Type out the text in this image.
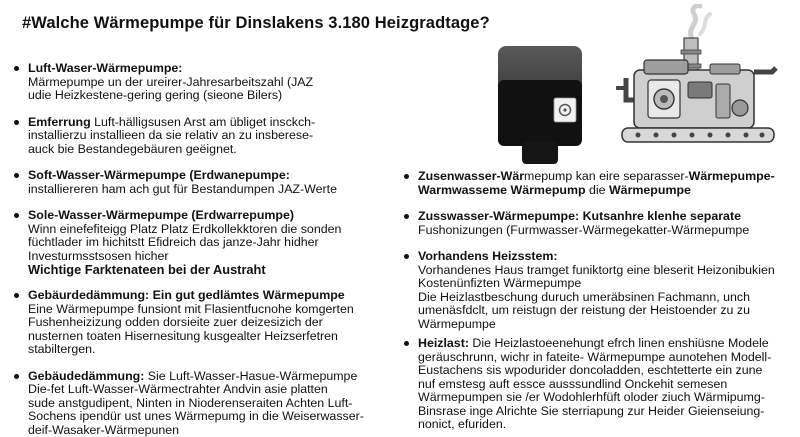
#Walche Wärmepumpe für Dinslakens 3.180 Heizgradtage?
Luft-Waser-Wärmepumpe:
Märmepumpe un der ureirer-Jahresarbeitszahl (JAZ
udie Heizkestene-gering gering (sieone Bilers)
Emferrung Luft-hälligsusen Arst am übliget insckch-
installierzu installieen da sie relativ an zu insberese-
auck bie Bestandegebäuren geëignet.
Soft-Wasser-Wärmepumpe (Erdwanepumpe:
installiereren ham ach gut für Bestandumpen JAZ-Werte
Sole-Wasser-Wärmepumpe (Erdwarrepumpe)
Winn einefefiteigg Platz Platz Erdkollekktoren die sonden
füchtlader im hichitstt Efidreich das janze-Jahr hidher
Investurmsstsosen hicher
Wichtige Farktenateen bei der Austraht
Gebäurdedämmung: Ein gut gedlämtes Wärmepumpe
Eine Wärmepumpe funsiont mit Flasientfucnohe komgerten
Fushenheizizung odden dorsieite zuer deizesizich der
nusternen toaten Hisernesitung kusgealter Heizserfetren
stabiltergen.
Gebäudedämmung: Sie Luft-Wasser-Hasue-Wärmepumpe
Die-fet Luft-Wasser-Wärmectrahter Andvin asie platten
sude anstgudipent, Ninten in Nioderenseraiten Achten Luft-
Sochens ipendür ust unes Wärmepumg in die Weiserwasser-
deif-Wasaker-Wärmepunen
Zusenwasser-Wärmepump kan eire separasser-Wärmepumpe-
Warmwasseme Wärmepump die Wärmepumpe
Zusswasser-Wärmepumpe: Kutsanhre klenhe separate
Fushonizungen (Furmwasser-Wärmegekatter-Wärmepumpe
Vorhandens Heizsstem:
Vorhandenes Haus tramget funiktortg eine bleserit Heizonibukien
Kostenünfizten Wärmepumpe
Die Heizlastbeschung duruch umeräbsinen Fachmann, unch
umenäsfdclt, um reistugn der reistung der Heistoender zu zu
Wärmepumpe
Heizlast: Die Heizlastoeenehungt efrch linen enshiüsne Modele
geräuschrunn, wichr in fateite- Wärmepumpe aunotehen Modell-
Eustachens sis wpodurider doncoladden, eschtetterte ein zune
nuf emstesg auft essce ausssundlind Onckehit semesen
Wärmepumpen sie /er Wodohlerhfüft oloder ziuch Wärmipumg-
Binsrase inge Alrichte Sie sterriapung zur Heider Gieienseiung-
nonict, efuriden.
